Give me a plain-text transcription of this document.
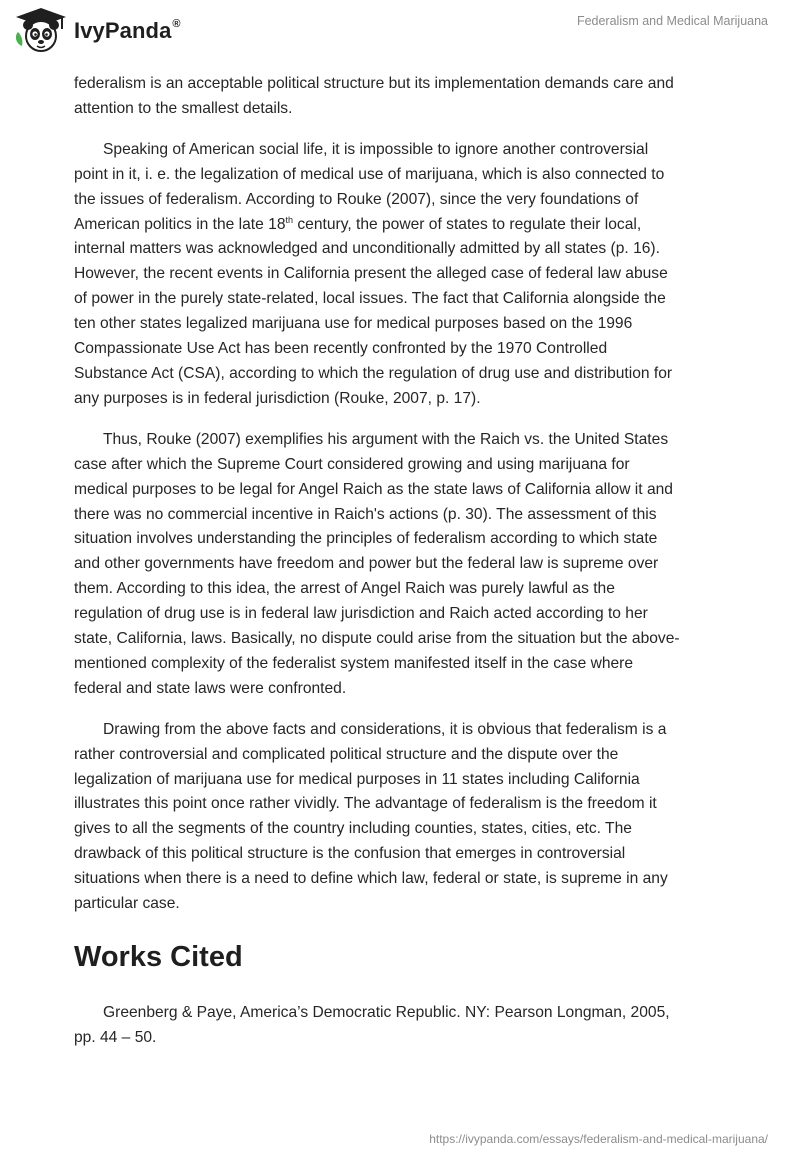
IvyPanda®	Federalism and Medical Marijuana
federalism is an acceptable political structure but its implementation demands care and
attention to the smallest details.
Speaking of American social life, it is impossible to ignore another controversial
point in it, i. e. the legalization of medical use of marijuana, which is also connected to
the issues of federalism. According to Rouke (2007), since the very foundations of
American politics in the late 18th century, the power of states to regulate their local,
internal matters was acknowledged and unconditionally admitted by all states (p. 16).
However, the recent events in California present the alleged case of federal law abuse
of power in the purely state-related, local issues. The fact that California alongside the
ten other states legalized marijuana use for medical purposes based on the 1996
Compassionate Use Act has been recently confronted by the 1970 Controlled
Substance Act (CSA), according to which the regulation of drug use and distribution for
any purposes is in federal jurisdiction (Rouke, 2007, p. 17).
Thus, Rouke (2007) exemplifies his argument with the Raich vs. the United States
case after which the Supreme Court considered growing and using marijuana for
medical purposes to be legal for Angel Raich as the state laws of California allow it and
there was no commercial incentive in Raich's actions (p. 30). The assessment of this
situation involves understanding the principles of federalism according to which state
and other governments have freedom and power but the federal law is supreme over
them. According to this idea, the arrest of Angel Raich was purely lawful as the
regulation of drug use is in federal law jurisdiction and Raich acted according to her
state, California, laws. Basically, no dispute could arise from the situation but the above-
mentioned complexity of the federalist system manifested itself in the case where
federal and state laws were confronted.
Drawing from the above facts and considerations, it is obvious that federalism is a
rather controversial and complicated political structure and the dispute over the
legalization of marijuana use for medical purposes in 11 states including California
illustrates this point once rather vividly. The advantage of federalism is the freedom it
gives to all the segments of the country including counties, states, cities, etc. The
drawback of this political structure is the confusion that emerges in controversial
situations when there is a need to define which law, federal or state, is supreme in any
particular case.
Works Cited
Greenberg & Paye, America’s Democratic Republic. NY: Pearson Longman, 2005,
pp. 44 – 50.
https://ivypanda.com/essays/federalism-and-medical-marijuana/
